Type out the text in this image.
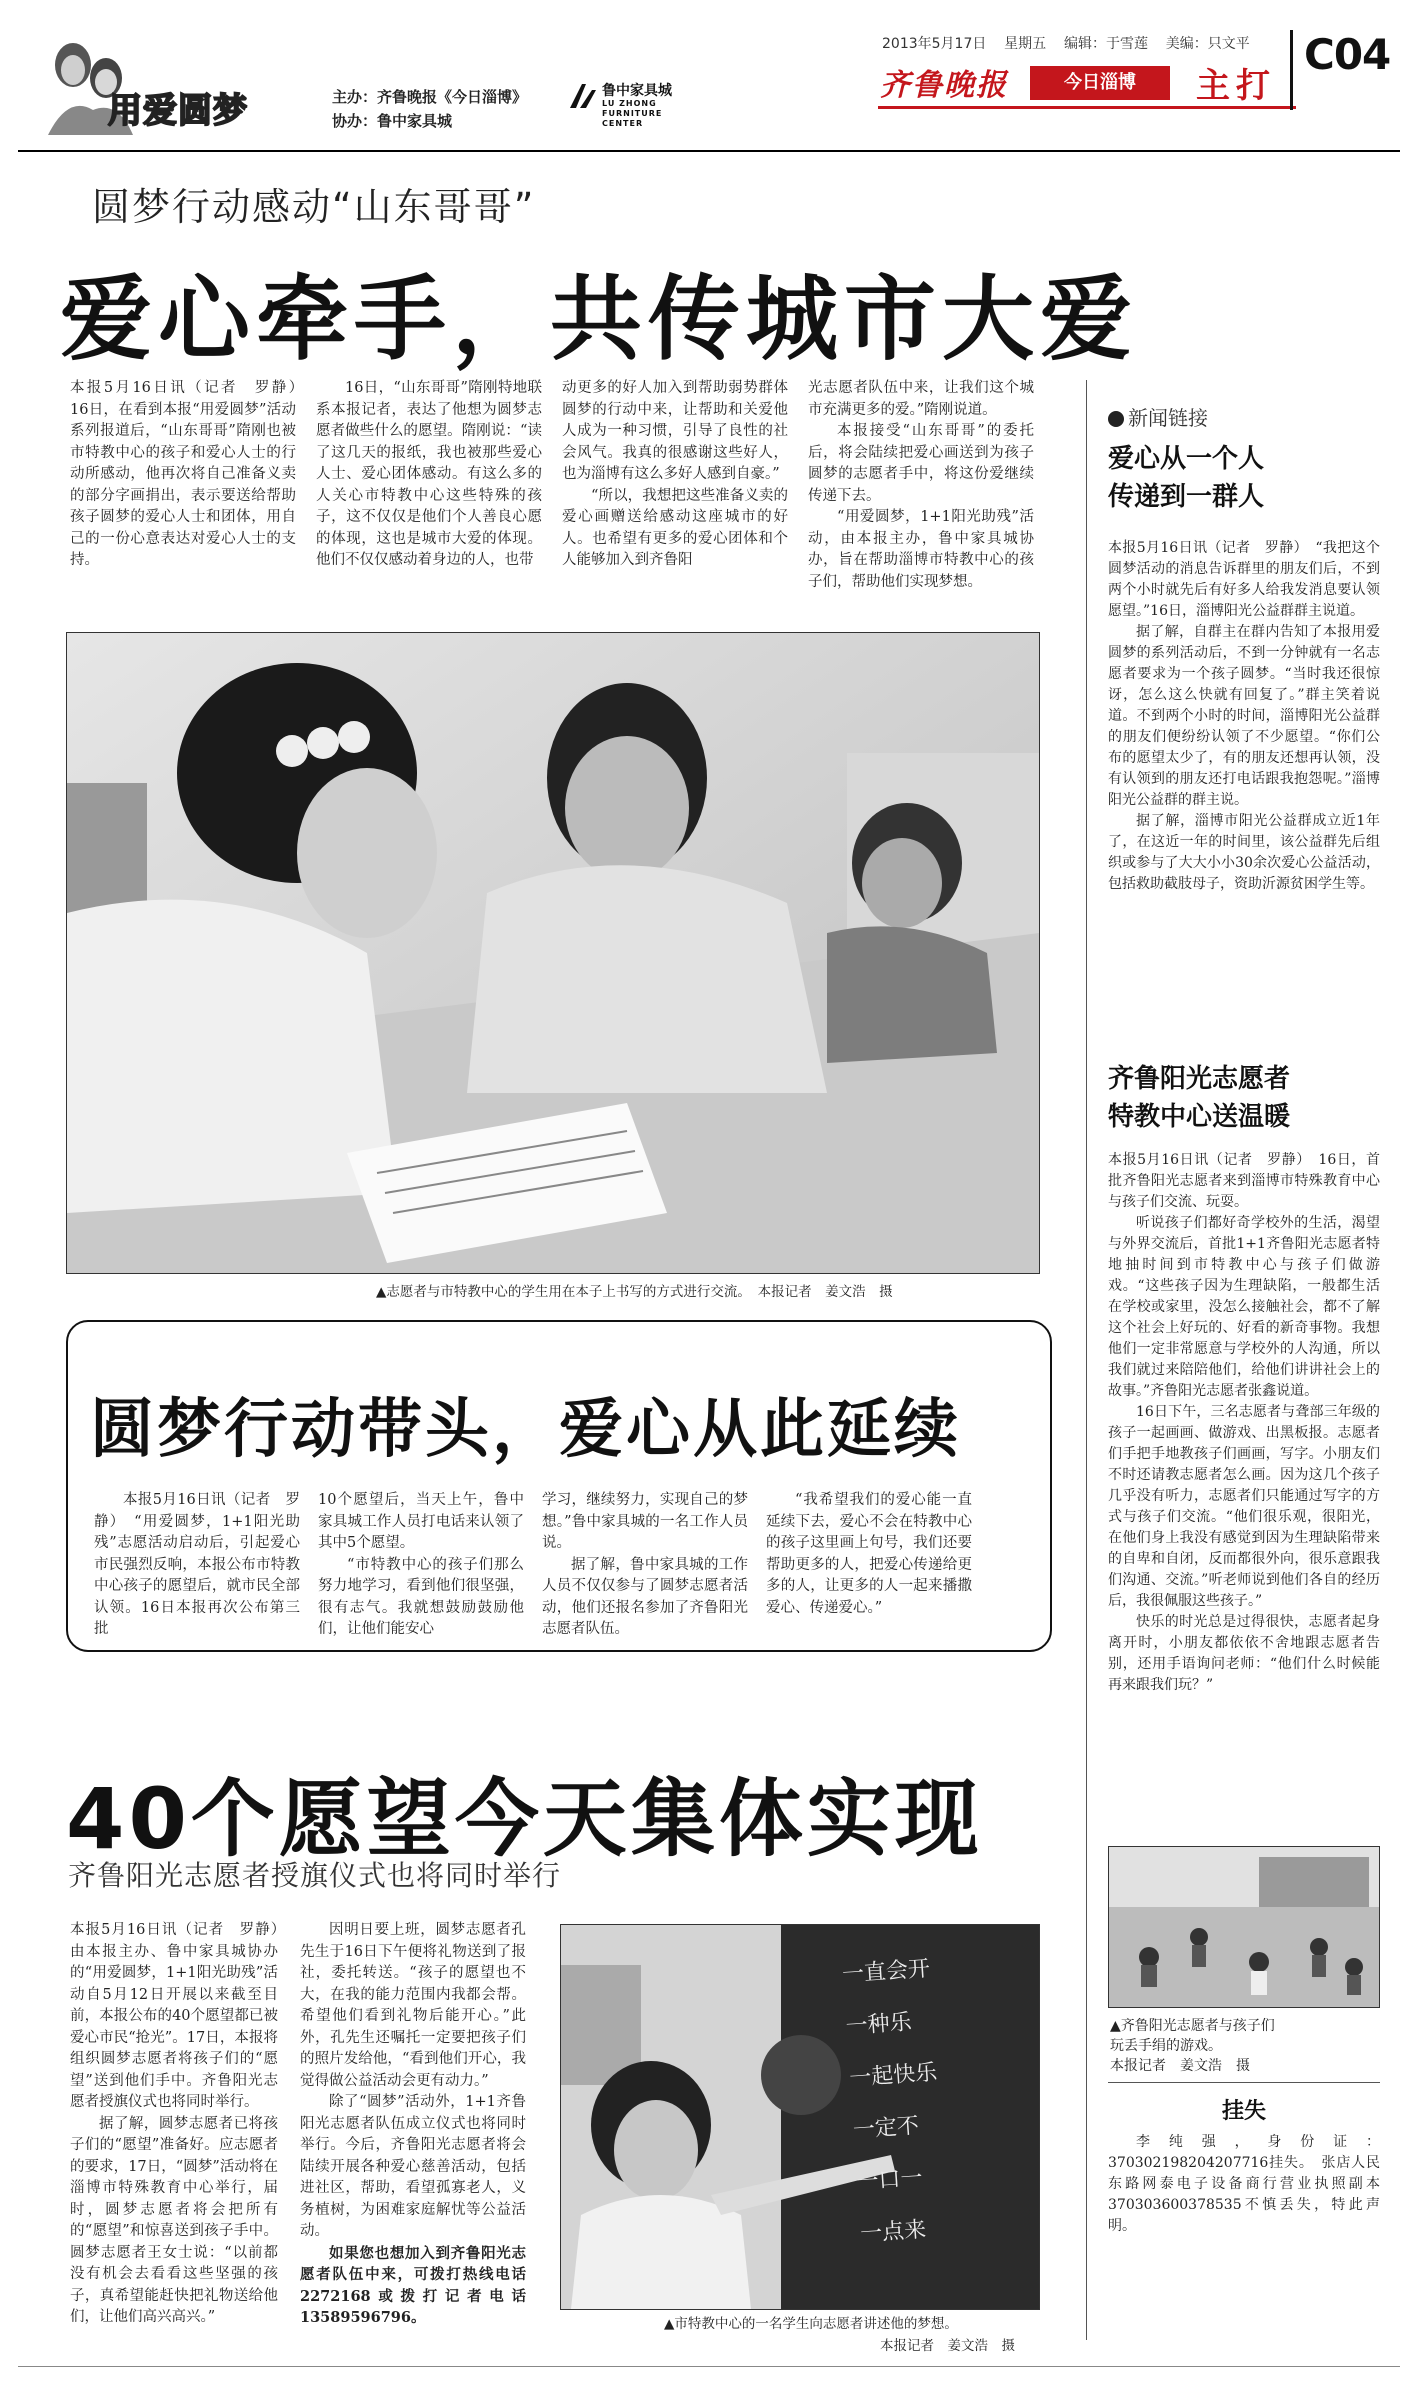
用爱圆梦	主办：齐鲁晚报《今日淄博》
协办：鲁中家具城
鲁中家具城
LU ZHONG
FURNITURE
CENTER
2013年5月17日 星期五 编辑：于雪莲 美编：只文平
齐鲁晚报	今日淄博	主打
C04
圆梦行动感动“山东哥哥”
爱心牵手，共传城市大爱

本报5月16日讯（记者　罗静）　16日，在看到本报“用爱圆梦”活动系列报道后，“山东哥哥”隋刚也被市特教中心的孩子和爱心人士的行动所感动，他再次将自己准备义卖的部分字画捐出，表示要送给帮助孩子圆梦的爱心人士和团体，用自己的一份心意表达对爱心人士的支持。

16日，“山东哥哥”隋刚特地联系本报记者，表达了他想为圆梦志愿者做些什么的愿望。隋刚说：“读了这几天的报纸，我也被那些爱心人士、爱心团体感动。有这么多的人关心市特教中心这些特殊的孩子，这不仅仅是他们个人善良心愿的体现，这也是城市大爱的体现。他们不仅仅感动着身边的人，也带

动更多的好人加入到帮助弱势群体圆梦的行动中来，让帮助和关爱他人成为一种习惯，引导了良性的社会风气。我真的很感谢这些好人，也为淄博有这么多好人感到自豪。”

“所以，我想把这些准备义卖的爱心画赠送给感动这座城市的好人。也希望有更多的爱心团体和个人能够加入到齐鲁阳

光志愿者队伍中来，让我们这个城市充满更多的爱。”隋刚说道。

本报接受“山东哥哥”的委托后，将会陆续把爱心画送到为孩子圆梦的志愿者手中，将这份爱继续传递下去。

“用爱圆梦，1+1阳光助残”活动，由本报主办，鲁中家具城协办，旨在帮助淄博市特教中心的孩子们，帮助他们实现梦想。

▲志愿者与市特教中心的学生用在本子上书写的方式进行交流。　本报记者　姜文浩　摄
圆梦行动带头，爱心从此延续

本报5月16日讯（记者　罗静）　“用爱圆梦，1+1阳光助残”志愿活动启动后，引起爱心市民强烈反响，本报公布市特教中心孩子的愿望后，就市民全部认领。16日本报再次公布第三批

10个愿望后，当天上午，鲁中家具城工作人员打电话来认领了其中5个愿望。

“市特教中心的孩子们那么努力地学习，看到他们很坚强，很有志气。我就想鼓励鼓励他们，让他们能安心

学习，继续努力，实现自己的梦想。”鲁中家具城的一名工作人员说。

据了解，鲁中家具城的工作人员不仅仅参与了圆梦志愿者活动，他们还报名参加了齐鲁阳光志愿者队伍。

“我希望我们的爱心能一直延续下去，爱心不会在特教中心的孩子这里画上句号，我们还要帮助更多的人，把爱心传递给更多的人，让更多的人一起来播撒爱心、传递爱心。”

40个愿望今天集体实现
齐鲁阳光志愿者授旗仪式也将同时举行

本报5月16日讯（记者　罗静）　由本报主办、鲁中家具城协办的“用爱圆梦，1+1阳光助残”活动自5月12日开展以来截至目前，本报公布的40个愿望都已被爱心市民“抢光”。17日，本报将组织圆梦志愿者将孩子们的“愿望”送到他们手中。齐鲁阳光志愿者授旗仪式也将同时举行。

据了解，圆梦志愿者已将孩子们的“愿望”准备好。应志愿者的要求，17日，“圆梦”活动将在淄博市特殊教育中心举行，届时，圆梦志愿者将会把所有的“愿望”和惊喜送到孩子手中。圆梦志愿者王女士说：“以前都没有机会去看看这些坚强的孩子，真希望能赶快把礼物送给他们，让他们高兴高兴。”

因明日要上班，圆梦志愿者孔先生于16日下午便将礼物送到了报社，委托转送。“孩子的愿望也不大，在我的能力范围内我都会帮。希望他们看到礼物后能开心。”此外，孔先生还嘱托一定要把孩子们的照片发给他，“看到他们开心，我觉得做公益活动会更有动力。”

除了“圆梦”活动外，1+1齐鲁阳光志愿者队伍成立仪式也将同时举行。今后，齐鲁阳光志愿者将会陆续开展各种爱心慈善活动，包括进社区，帮助，看望孤寡老人，义务植树，为困难家庭解忧等公益活动。

如果您也想加入到齐鲁阳光志愿者队伍中来，可拨打热线电话2272168或拨打记者电话13589596796。

一直会开
一种乐
一起快乐
一定不
一口一
一点来
▲市特教中心的一名学生向志愿者讲述他的梦想。
本报记者　姜文浩　摄
新闻链接
爱心从一个人
传递到一群人

本报5月16日讯（记者　罗静）　“我把这个圆梦活动的消息告诉群里的朋友们后，不到两个小时就先后有好多人给我发消息要认领愿望。”16日，淄博阳光公益群群主说道。

据了解，自群主在群内告知了本报用爱圆梦的系列活动后，不到一分钟就有一名志愿者要求为一个孩子圆梦。“当时我还很惊讶，怎么这么快就有回复了。”群主笑着说道。不到两个小时的时间，淄博阳光公益群的朋友们便纷纷认领了不少愿望。“你们公布的愿望太少了，有的朋友还想再认领，没有认领到的朋友还打电话跟我抱怨呢。”淄博阳光公益群的群主说。

据了解，淄博市阳光公益群成立近1年了，在这近一年的时间里，该公益群先后组织或参与了大大小小30余次爱心公益活动，包括救助截肢母子，资助沂源贫困学生等。

齐鲁阳光志愿者
特教中心送温暖

本报5月16日讯（记者　罗静）　16日，首批齐鲁阳光志愿者来到淄博市特殊教育中心与孩子们交流、玩耍。

听说孩子们都好奇学校外的生活，渴望与外界交流后，首批1+1齐鲁阳光志愿者特地抽时间到市特教中心与孩子们做游戏。“这些孩子因为生理缺陷，一般都生活在学校或家里，没怎么接触社会，都不了解这个社会上好玩的、好看的新奇事物。我想他们一定非常愿意与学校外的人沟通，所以我们就过来陪陪他们，给他们讲讲社会上的故事。”齐鲁阳光志愿者张鑫说道。

16日下午，三名志愿者与聋部三年级的孩子一起画画、做游戏、出黑板报。志愿者们手把手地教孩子们画画，写字。小朋友们不时还请教志愿者怎么画。因为这几个孩子几乎没有听力，志愿者们只能通过写字的方式与孩子们交流。“他们很乐观，很阳光，在他们身上我没有感觉到因为生理缺陷带来的自卑和自闭，反而都很外向，很乐意跟我们沟通、交流。”听老师说到他们各自的经历后，我很佩服这些孩子。”

快乐的时光总是过得很快，志愿者起身离开时，小朋友都依依不舍地跟志愿者告别，还用手语询问老师：“他们什么时候能再来跟我们玩？”

▲齐鲁阳光志愿者与孩子们
玩丢手绢的游戏。
本报记者　姜文浩　摄
挂失

李纯强，身份证：370302198204207716挂失。　张店人民东路网泰电子设备商行营业执照副本370303600378535不慎丢失，特此声明。
